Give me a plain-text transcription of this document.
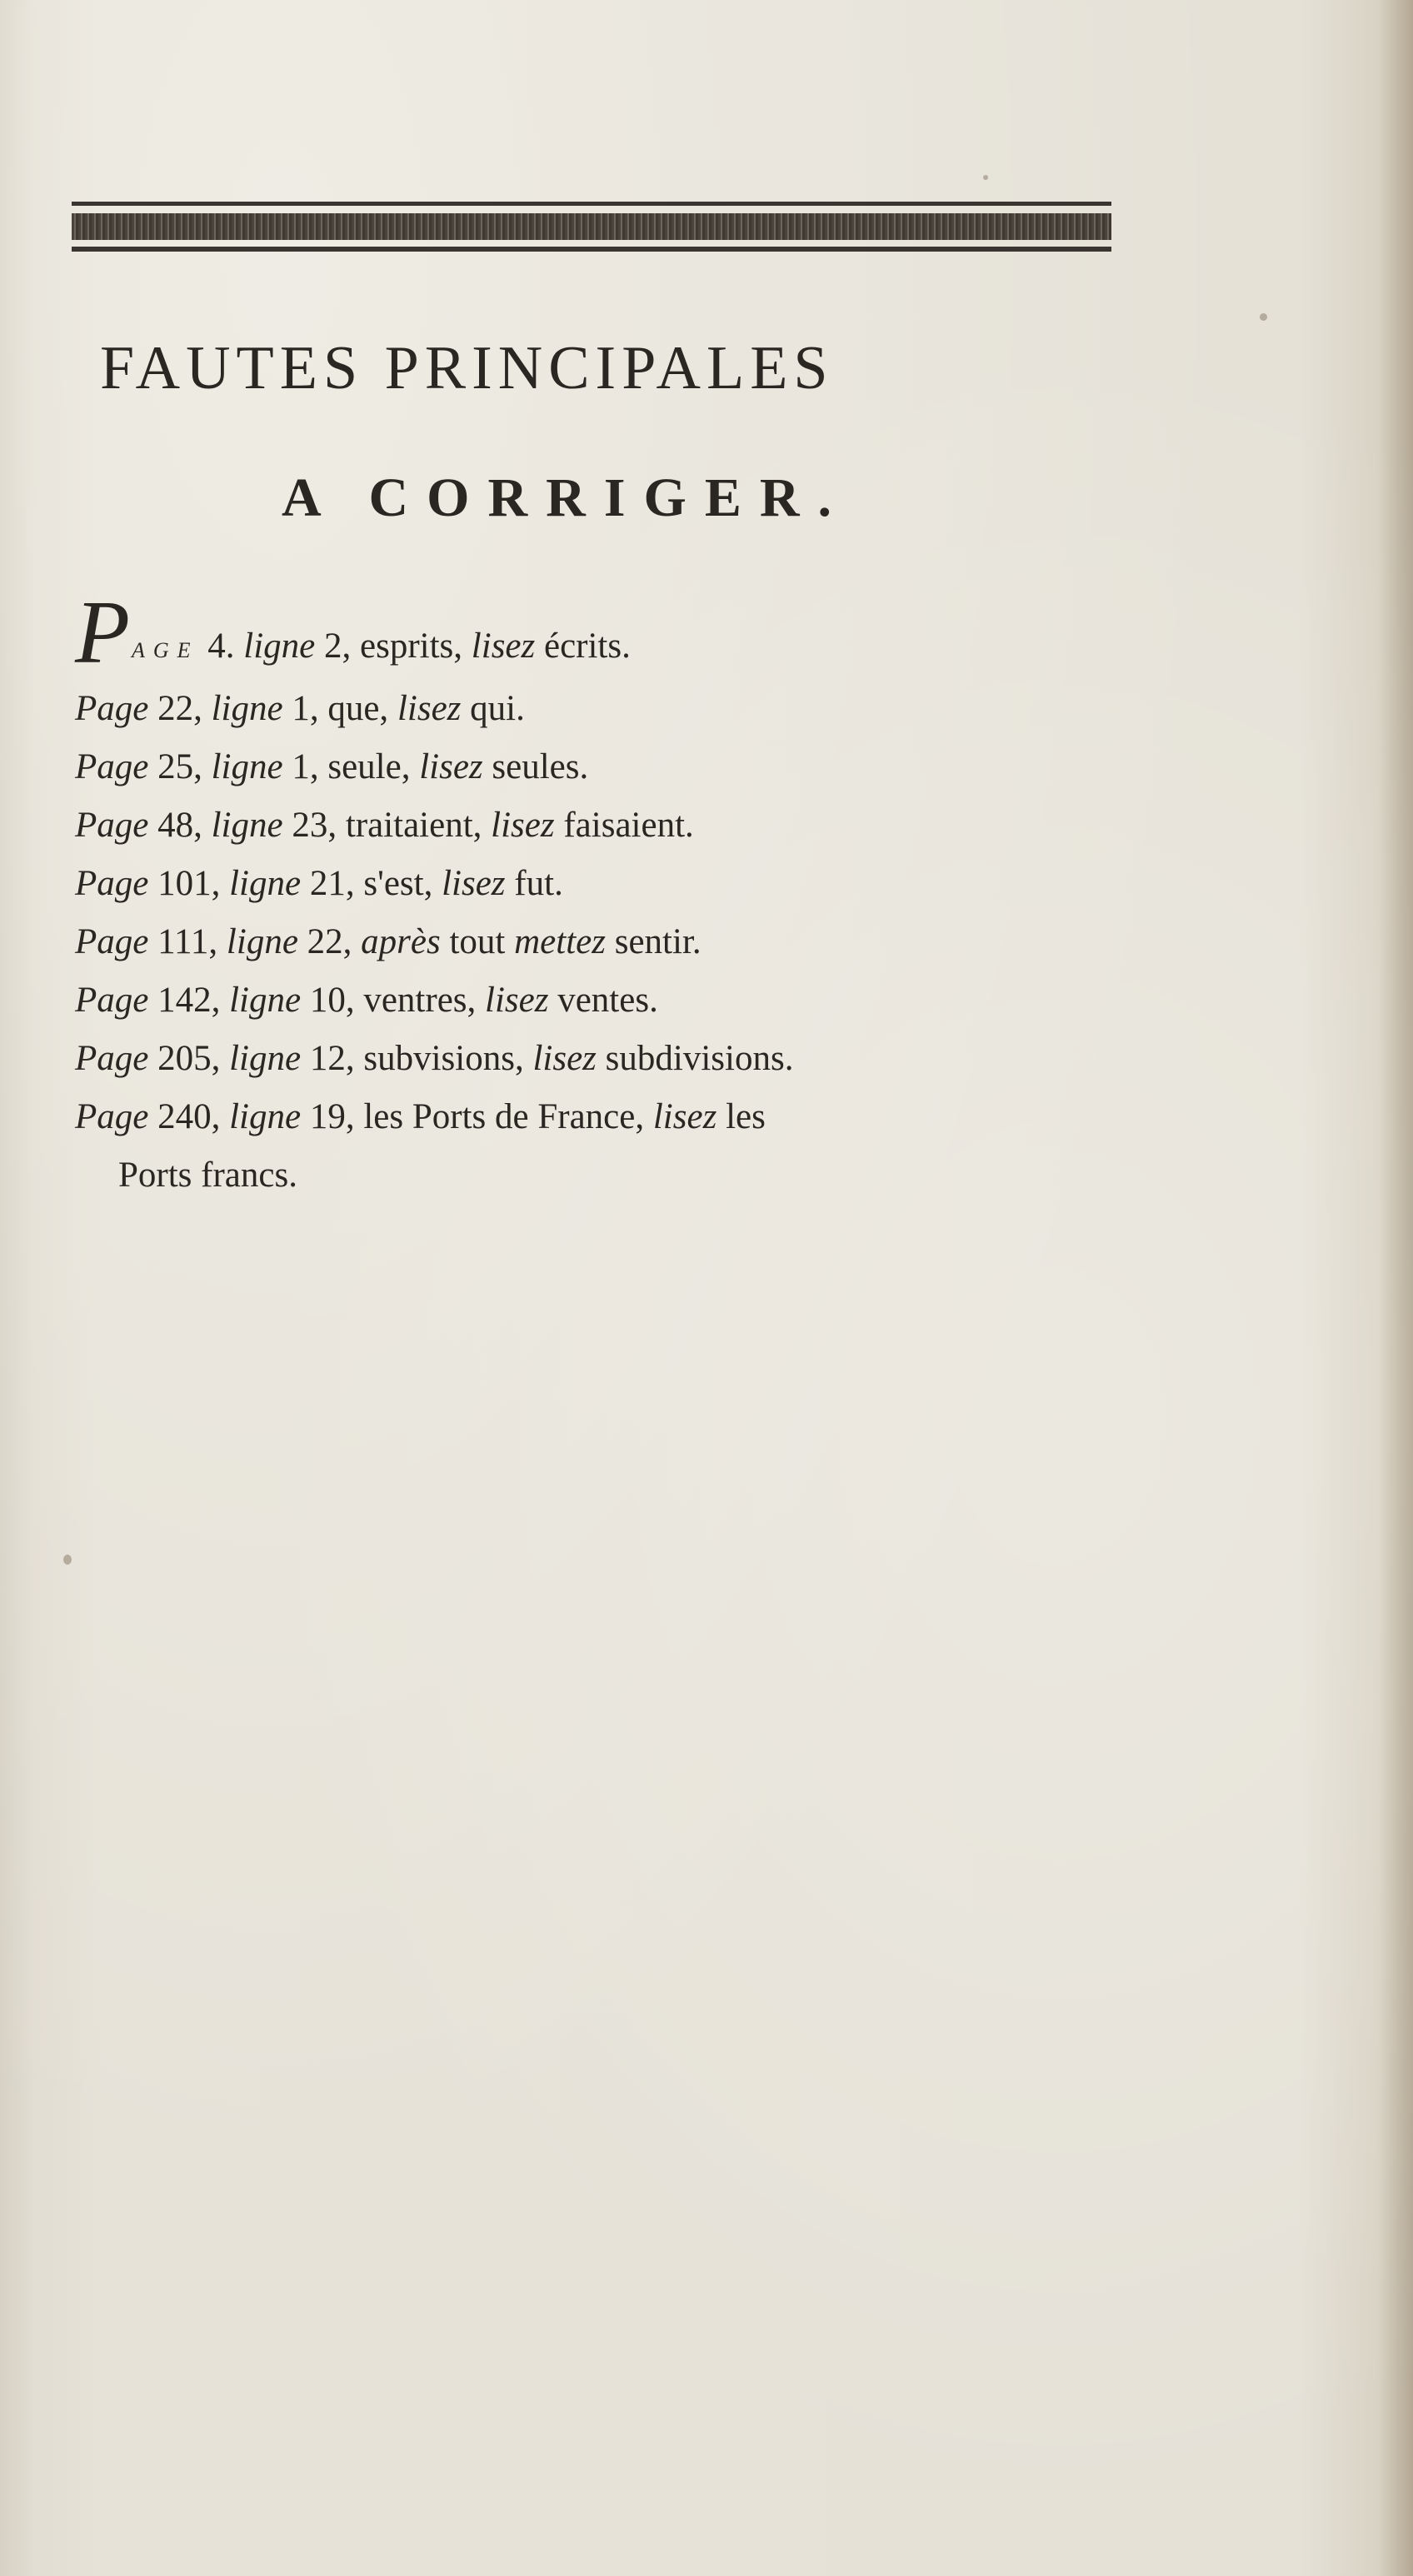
FAUTES PRINCIPALES
A CORRIGER.
PAGE 4. ligne 2, esprits, lisez écrits.
Page 22, ligne 1, que, lisez qui.
Page 25, ligne 1, seule, lisez seules.
Page 48, ligne 23, traitaient, lisez faisaient.
Page 101, ligne 21, s'est, lisez fut.
Page 111, ligne 22, après tout mettez sentir.
Page 142, ligne 10, ventres, lisez ventes.
Page 205, ligne 12, subvisions, lisez subdivisions.
Page 240, ligne 19, les Ports de France, lisez les
Ports francs.
